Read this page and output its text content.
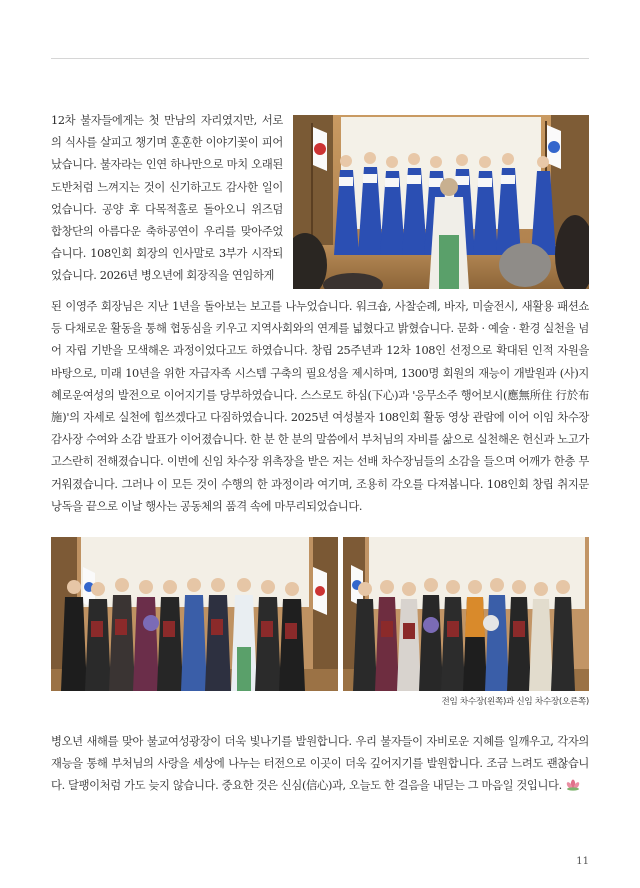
12차 불자들에게는 첫 만남의 자리였지만, 서로의 식사를 살피고 챙기며 훈훈한 이야기꽃이 피어났습니다. 불자라는 인연 하나만으로 마치 오래된 도반처럼 느껴지는 것이 신기하고도 감사한 일이었습니다. 공양 후 다목적홀로 돌아오니 위즈덤 합창단의 아름다운 축하공연이 우리를 맞아주었습니다. 108인회 회장의 인사말로 3부가 시작되었습니다. 2026년 병오년에 회장직을 연임하게

된 이영주 회장님은 지난 1년을 돌아보는 보고를 나누었습니다. 워크숍, 사찰순례, 바자, 미술전시, 새활용 패션쇼 등 다채로운 활동을 통해 협동심을 키우고 지역사회와의 연계를 넓혔다고 밝혔습니다. 문화 · 예술 · 환경 실천을 넘어 자립 기반을 모색해온 과정이었다고도 하였습니다. 창립 25주년과 12차 108인 선정으로 확대된 인적 자원을 바탕으로, 미래 10년을 위한 자급자족 시스템 구축의 필요성을 제시하며, 1300명 회원의 재능이 개발원과 (사)지혜로운여성의 발전으로 이어지기를 당부하였습니다. 스스로도 하심(下心)과 '응무소주 행어보시(應無所住 行於布施)'의 자세로 실천에 힘쓰겠다고 다짐하였습니다. 2025년 여성불자 108인회 활동 영상 관람에 이어 이임 차수장 감사장 수여와 소감 발표가 이어졌습니다. 한 분 한 분의 말씀에서 부처님의 자비를 삶으로 실천해온 헌신과 노고가 고스란히 전해졌습니다. 이번에 신임 차수장 위촉장을 받은 저는 선배 차수장님들의 소감을 들으며 어깨가 한층 무거워졌습니다. 그러나 이 모든 것이 수행의 한 과정이라 여기며, 조용히 각오를 다져봅니다. 108인회 창립 취지문 낭독을 끝으로 이날 행사는 공동체의 품격 속에 마무리되었습니다.

전임 차수장(왼쪽)과 신임 차수장(오른쪽)

병오년 새해를 맞아 불교여성광장이 더욱 빛나기를 발원합니다. 우리 불자들이 자비로운 지혜를 일깨우고, 각자의 재능을 통해 부처님의 사랑을 세상에 나누는 터전으로 이곳이 더욱 깊어지기를 발원합니다. 조금 느려도 괜찮습니다. 달팽이처럼 가도 늦지 않습니다. 중요한 것은 신심(信心)과, 오늘도 한 걸음을 내딛는 그 마음일 것입니다.

11
